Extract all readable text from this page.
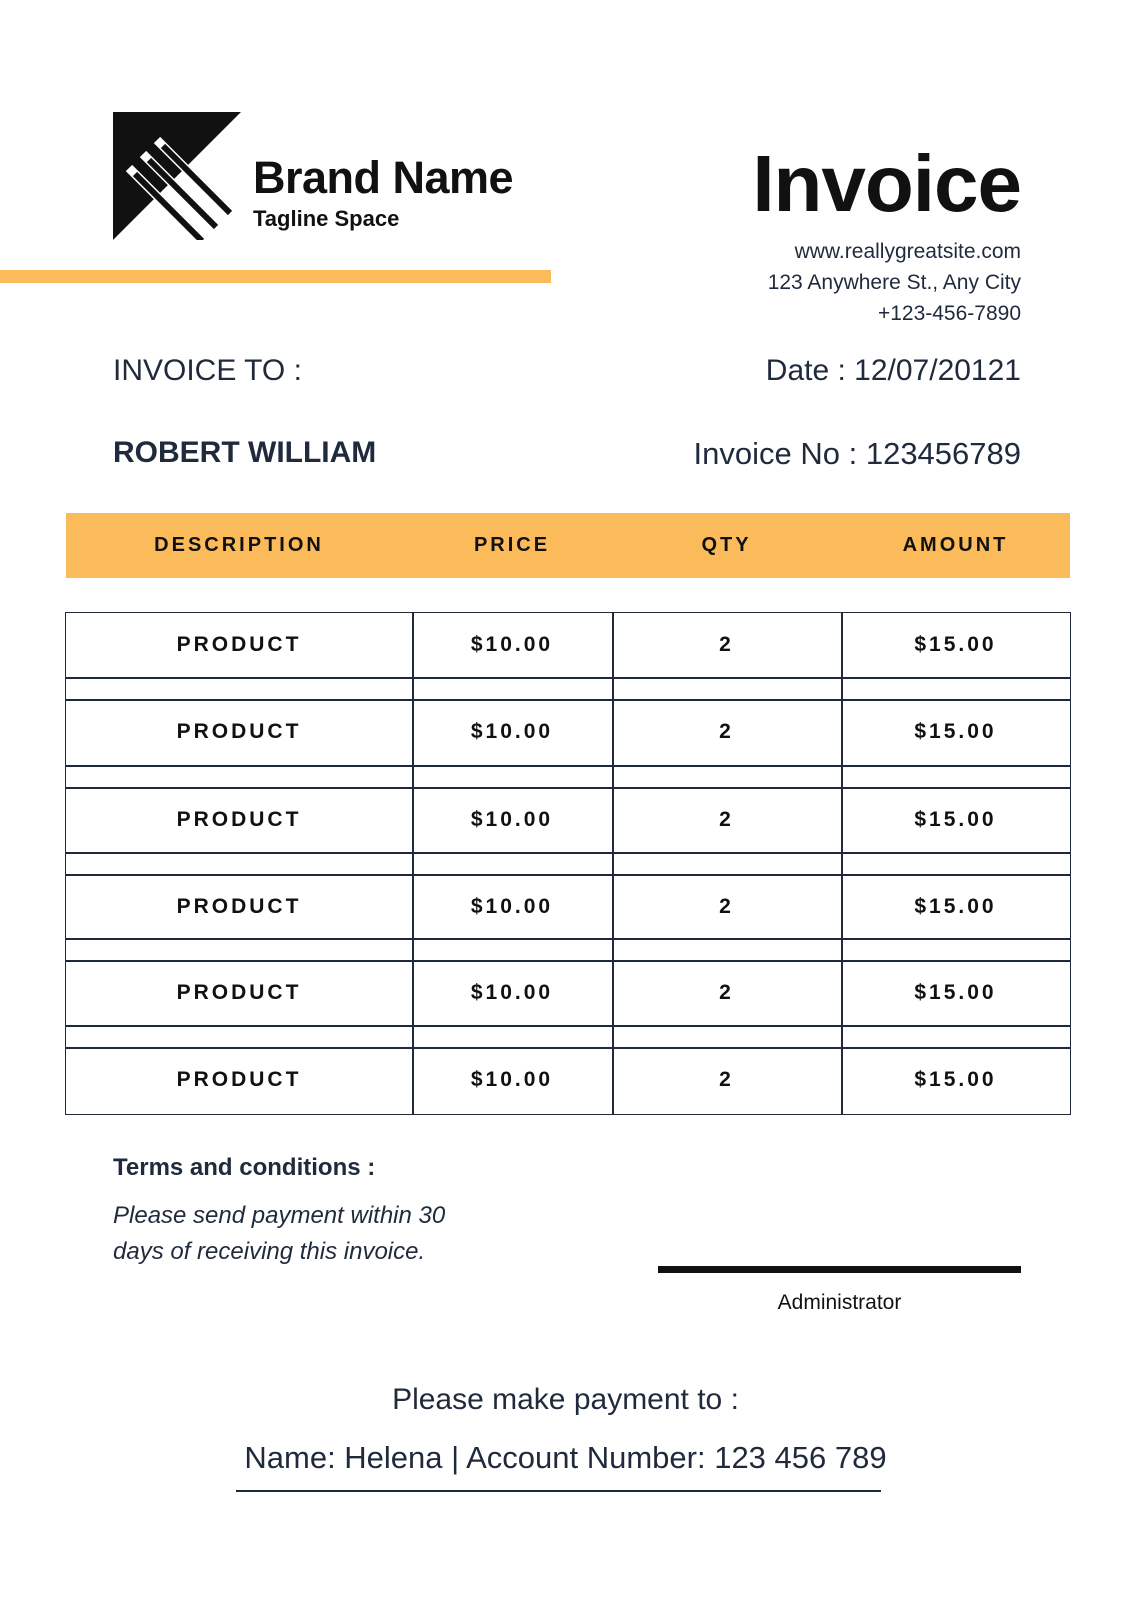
Brand Name
Tagline Space	Invoice
www.reallygreatsite.com
123 Anywhere St., Any City
+123-456-7890
INVOICE TO :	Date : 12/07/20121
ROBERT WILLIAM	Invoice No : 123456789
DESCRIPTION	PRICE	QTY	AMOUNT
PRODUCT	$10.00	2	$15.00
PRODUCT	$10.00	2	$15.00
PRODUCT	$10.00	2	$15.00
PRODUCT	$10.00	2	$15.00
PRODUCT	$10.00	2	$15.00
PRODUCT	$10.00	2	$15.00
Terms and conditions :
Please send payment within 30 days of receiving this invoice.
Administrator
Please make payment to :
Name: Helena | Account Number: 123 456 789
